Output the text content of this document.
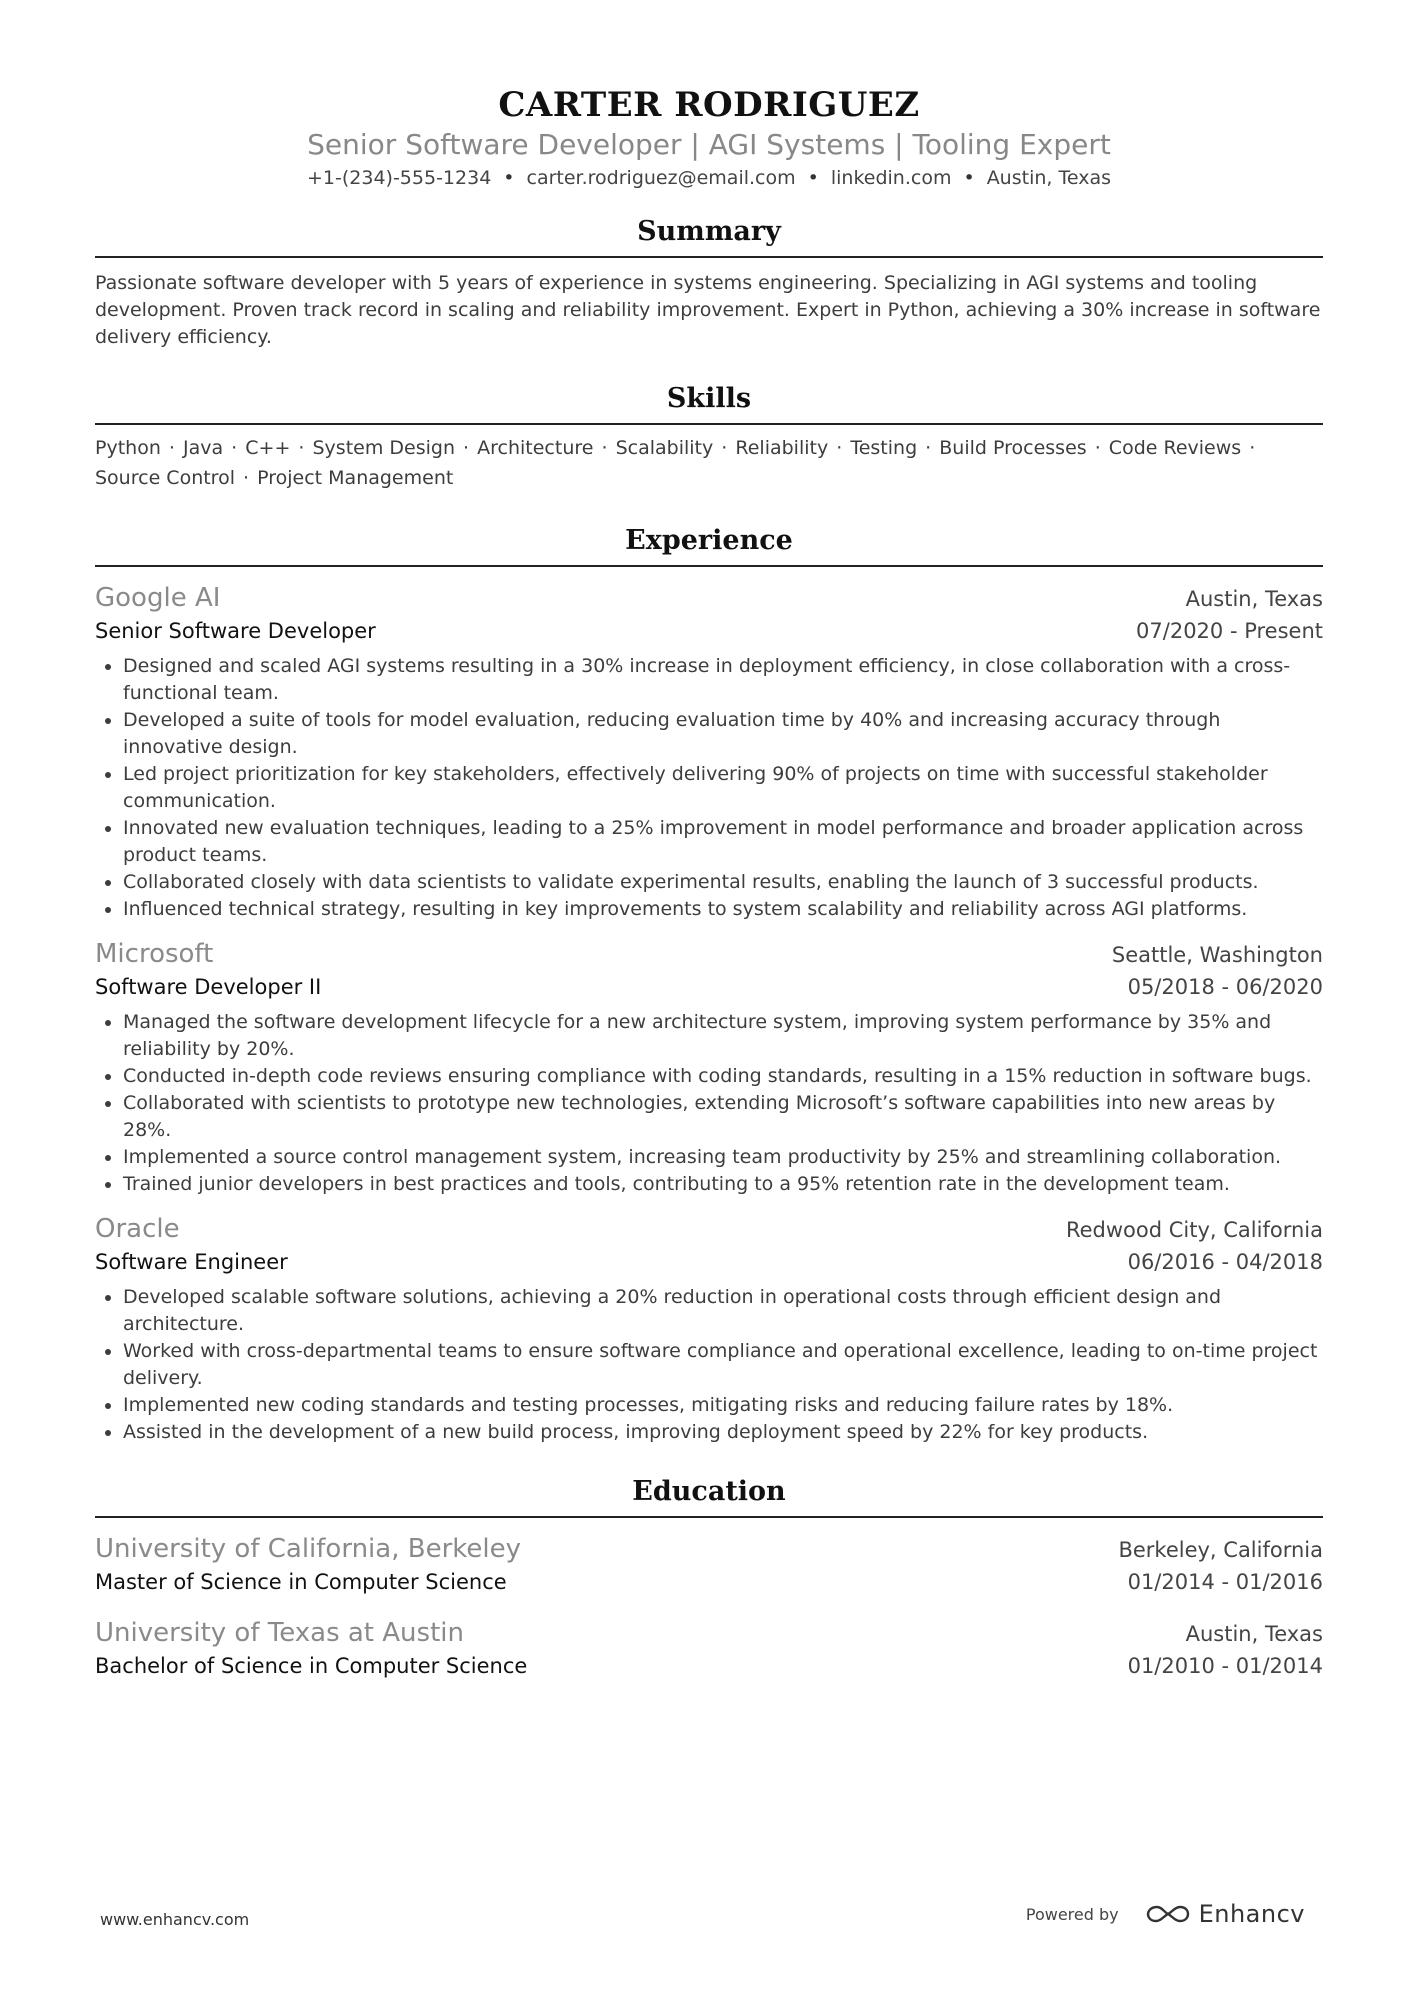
CARTER RODRIGUEZ
Senior Software Developer | AGI Systems | Tooling Expert
+1-(234)-555-1234 • carter.rodriguez@email.com • linkedin.com • Austin, Texas
Summary
Passionate software developer with 5 years of experience in systems engineering. Specializing in AGI systems and tooling development. Proven track record in scaling and reliability improvement. Expert in Python, achieving a 30% increase in software delivery efficiency.
Skills
Python · Java · C++ · System Design · Architecture · Scalability · Reliability · Testing · Build Processes · Code Reviews · Source Control · Project Management
Experience
Google AI	Austin, Texas
Senior Software Developer	07/2020 - Present
• Designed and scaled AGI systems resulting in a 30% increase in deployment efficiency, in close collaboration with a cross-functional team.
• Developed a suite of tools for model evaluation, reducing evaluation time by 40% and increasing accuracy through innovative design.
• Led project prioritization for key stakeholders, effectively delivering 90% of projects on time with successful stakeholder communication.
• Innovated new evaluation techniques, leading to a 25% improvement in model performance and broader application across product teams.
• Collaborated closely with data scientists to validate experimental results, enabling the launch of 3 successful products.
• Influenced technical strategy, resulting in key improvements to system scalability and reliability across AGI platforms.
Microsoft	Seattle, Washington
Software Developer II	05/2018 - 06/2020
• Managed the software development lifecycle for a new architecture system, improving system performance by 35% and reliability by 20%.
• Conducted in-depth code reviews ensuring compliance with coding standards, resulting in a 15% reduction in software bugs.
• Collaborated with scientists to prototype new technologies, extending Microsoft’s software capabilities into new areas by 28%.
• Implemented a source control management system, increasing team productivity by 25% and streamlining collaboration.
• Trained junior developers in best practices and tools, contributing to a 95% retention rate in the development team.
Oracle	Redwood City, California
Software Engineer	06/2016 - 04/2018
• Developed scalable software solutions, achieving a 20% reduction in operational costs through efficient design and architecture.
• Worked with cross-departmental teams to ensure software compliance and operational excellence, leading to on-time project delivery.
• Implemented new coding standards and testing processes, mitigating risks and reducing failure rates by 18%.
• Assisted in the development of a new build process, improving deployment speed by 22% for key products.
Education
University of California, Berkeley	Berkeley, California
Master of Science in Computer Science	01/2014 - 01/2016
University of Texas at Austin	Austin, Texas
Bachelor of Science in Computer Science	01/2010 - 01/2014
www.enhancv.com	Powered by	Enhancv
